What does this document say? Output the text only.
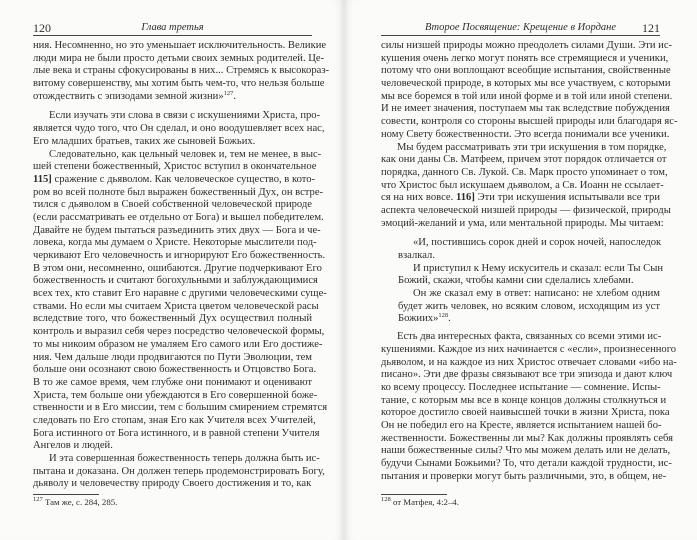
120	Глава третья
ния. Несомненно, но это уменьшает исключительность. Великие
люди мира не были просто детьми своих земных родителей. Це-
лые века и страны сфокусированы в них... Стремясь к высокораз-
витому совершенству, мы хотим быть чем-то, что нельзя больше
отождествить с эпизодами земной жизни»$^{127}$.
Если изучать эти слова в связи с искушениями Христа, про-
является чудо того, что Он сделал, и оно воодушевляет всех нас,
Его младших братьев, таких же сыновей Божьих.
Следовательно, как цельный человек и, тем не менее, в выс-
шей степени божественный, Христос вступил в окончательное
115] сражение с дьяволом. Как человеческое существо, в кото-
ром во всей полноте был выражен божественный Дух, он встре-
тился с дьяволом в Своей собственной человеческой природе
(если рассматривать ее отдельно от Бога) и вышел победителем.
Давайте не будем пытаться разъединить этих двух — Бога и че-
ловека, когда мы думаем о Христе. Некоторые мыслители под-
черкивают Его человечность и игнорируют Его божественность.
В этом они, несомненно, ошибаются. Другие подчеркивают Его
божественность и считают богохульными и заблуждающимися
всех тех, кто ставит Его наравне с другими человеческими суще-
ствами. Но если мы считаем Христа цветом человеческой расы
вследствие того, что божественный Дух осуществил полный
контроль и выразил себя через посредство человеческой формы,
то мы никоим образом не умаляем Его самого или Его достиже-
ния. Чем дальше люди продвигаются по Пути Эволюции, тем
больше они осознают свою божественность и Отцовство Бога.
В то же самое время, чем глубже они понимают и оценивают
Христа, тем больше они убеждаются в Его совершенной боже-
ственности и в Его миссии, тем с большим смирением стремятся
следовать по Его стопам, зная Его как Учителя всех Учителей,
Бога истинного от Бога истинного, и в равной степени Учителя
Ангелов и людей.
И эта совершенная божественность теперь должна быть ис-
пытана и доказана. Он должен теперь продемонстрировать Богу,
дьяволу и человечеству природу Своего достижения и то, как
$^{127}$ Там же, с. 284, 285.
Второе Посвящение: Крещение в Иордане	121
силы низшей природы можно преодолеть силами Души. Эти ис-
кушения очень легко могут понять все стремящиеся и ученики,
потому что они воплощают всеобщие испытания, свойственные
человеческой природе, в которых мы все участвуем, с которыми
мы все боремся в той или иной форме и в той или иной степени.
И не имеет значения, поступаем мы так вследствие побуждения
совести, контроля со стороны высшей природы или благодаря яс-
ному Свету божественности. Это всегда понимали все ученики.
Мы будем рассматривать эти три искушения в том порядке,
как они даны Св. Матфеем, причем этот порядок отличается от
порядка, данного Св. Лукой. Св. Марк просто упоминает о том,
что Христос был искушаем дьяволом, а Св. Иоанн не ссылает-
ся на них вовсе. 116] Эти три искушения испытывали все три
аспекта человеческой низшей природы — физической, природы
эмоций-желаний и ума, или ментальной природы. Мы читаем:
«И, постившись сорок дней и сорок ночей, напоследок
взалкал.
И приступил к Нему искуситель и сказал: если Ты Сын
Божий, скажи, чтобы камни сии сделались хлебами.
Он же сказал ему в ответ: написано: не хлебом одним
будет жить человек, но всяким словом, исходящим из уст
Божиих»$^{128}$.
Есть два интересных факта, связанных со всеми этими ис-
кушениями. Каждое из них начинается с «если», произнесенного
дьяволом, и на каждое из них Христос отвечает словами «ибо на-
писано». Эти две фразы связывают все три эпизода и дают ключ
ко всему процессу. Последнее испытание — сомнение. Испы-
тание, с которым мы все в конце концов должны столкнуться и
которое достигло своей наивысшей точки в жизни Христа, пока
Он не победил его на Кресте, является испытанием нашей бо-
жественности. Божественны ли мы? Как должны проявлять себя
наши божественные силы? Что мы можем делать или не делать,
будучи Сынами Божьими? То, что детали каждой трудности, ис-
пытания и проверки могут быть различными, это, в общем, не-
$^{128}$ от Матфея, 4:2–4.
